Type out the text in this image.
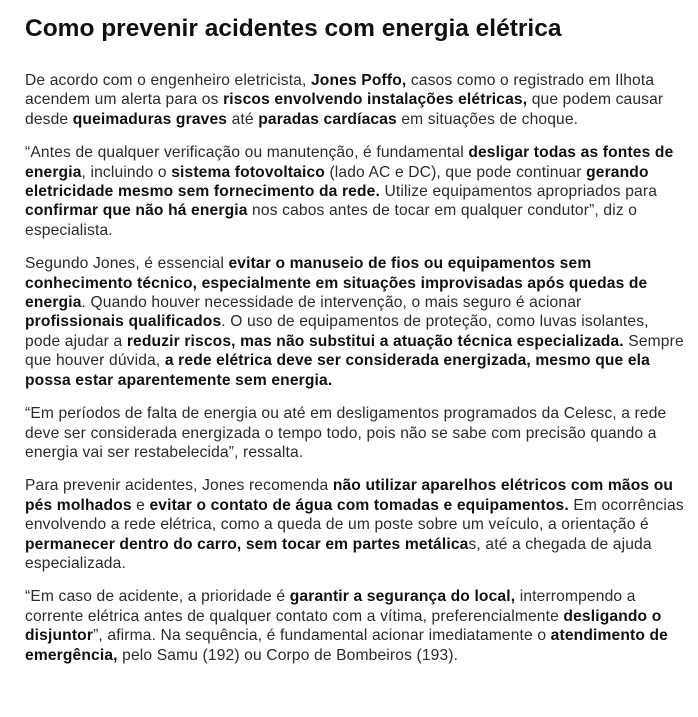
Como prevenir acidentes com energia elétrica

De acordo com o engenheiro eletricista, Jones Poffo, casos como o registrado em Ilhota acendem um alerta para os riscos envolvendo instalações elétricas, que podem causar desde queimaduras graves até paradas cardíacas em situações de choque.

“Antes de qualquer verificação ou manutenção, é fundamental desligar todas as fontes de energia, incluindo o sistema fotovoltaico (lado AC e DC), que pode continuar gerando eletricidade mesmo sem fornecimento da rede. Utilize equipamentos apropriados para confirmar que não há energia nos cabos antes de tocar em qualquer condutor”, diz o especialista.

Segundo Jones, é essencial evitar o manuseio de fios ou equipamentos sem conhecimento técnico, especialmente em situações improvisadas após quedas de energia. Quando houver necessidade de intervenção, o mais seguro é acionar profissionais qualificados. O uso de equipamentos de proteção, como luvas isolantes, pode ajudar a reduzir riscos, mas não substitui a atuação técnica especializada. Sempre que houver dúvida, a rede elétrica deve ser considerada energizada, mesmo que ela possa estar aparentemente sem energia.

“Em períodos de falta de energia ou até em desligamentos programados da Celesc, a rede deve ser considerada energizada o tempo todo, pois não se sabe com precisão quando a energia vai ser restabelecida”, ressalta.

Para prevenir acidentes, Jones recomenda não utilizar aparelhos elétricos com mãos ou pés molhados e evitar o contato de água com tomadas e equipamentos. Em ocorrências envolvendo a rede elétrica, como a queda de um poste sobre um veículo, a orientação é permanecer dentro do carro, sem tocar em partes metálicas, até a chegada de ajuda especializada.

“Em caso de acidente, a prioridade é garantir a segurança do local, interrompendo a corrente elétrica antes de qualquer contato com a vítima, preferencialmente desligando o disjuntor”, afirma. Na sequência, é fundamental acionar imediatamente o atendimento de emergência, pelo Samu (192) ou Corpo de Bombeiros (193).
